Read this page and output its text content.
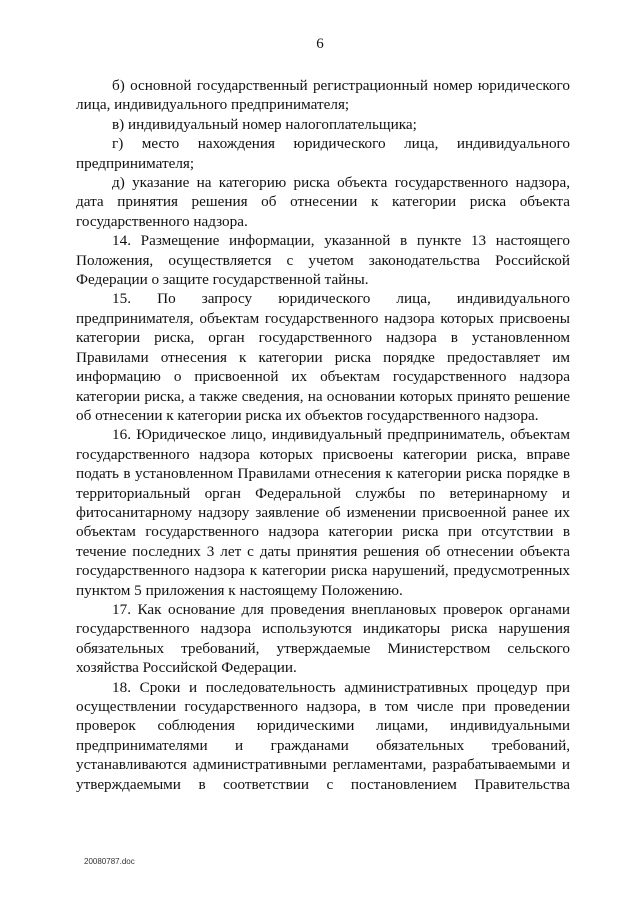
6

б) основной государственный регистрационный номер юридического лица, индивидуального предпринимателя;

в) индивидуальный номер налогоплательщика;

г) место нахождения юридического лица, индивидуального предпринимателя;

д) указание на категорию риска объекта государственного надзора, дата принятия решения об отнесении к категории риска объекта государственного надзора.

14. Размещение информации, указанной в пункте 13 настоящего Положения, осуществляется с учетом законодательства Российской Федерации о защите государственной тайны.

15. По запросу юридического лица, индивидуального предпринимателя, объектам государственного надзора которых присвоены категории риска, орган государственного надзора в установленном Правилами отнесения к категории риска порядке предоставляет им информацию о присвоенной их объектам государственного надзора категории риска, а также сведения, на основании которых принято решение об отнесении к категории риска их объектов государственного надзора.

16. Юридическое лицо, индивидуальный предприниматель, объектам государственного надзора которых присвоены категории риска, вправе подать в установленном Правилами отнесения к категории риска порядке в территориальный орган Федеральной службы по ветеринарному и фитосанитарному надзору заявление об изменении присвоенной ранее их объектам государственного надзора категории риска при отсутствии в течение последних 3 лет с даты принятия решения об отнесении объекта государственного надзора к категории риска нарушений, предусмотренных пунктом 5 приложения к настоящему Положению.

17. Как основание для проведения внеплановых проверок органами государственного надзора используются индикаторы риска нарушения обязательных требований, утверждаемые Министерством сельского хозяйства Российской Федерации.

18. Сроки и последовательность административных процедур при осуществлении государственного надзора, в том числе при проведении проверок соблюдения юридическими лицами, индивидуальными предпринимателями и гражданами обязательных требований, устанавливаются административными регламентами, разрабатываемыми и утверждаемыми в соответствии с постановлением Правительства

20080787.doc
